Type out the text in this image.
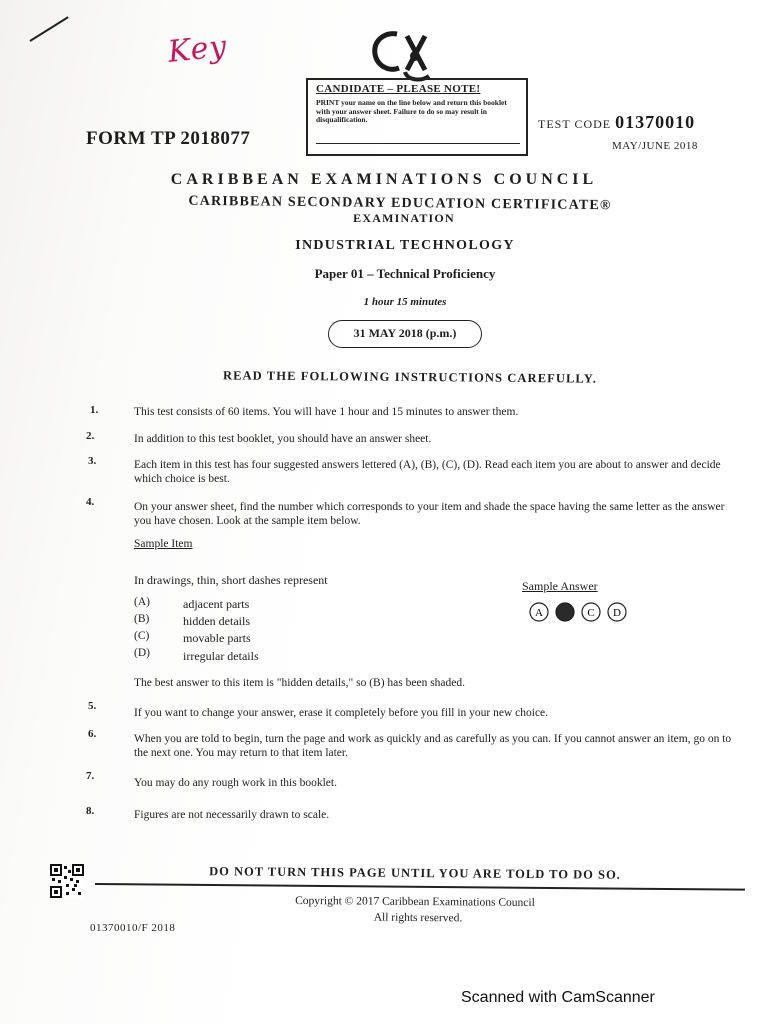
Key
CANDIDATE – PLEASE NOTE!
PRINT your name on the line below and return this booklet with your answer sheet. Failure to do so may result in disqualification.
FORM TP 2018077
TEST CODE 01370010
MAY/JUNE 2018
CARIBBEAN EXAMINATIONS COUNCIL
CARIBBEAN SECONDARY EDUCATION CERTIFICATE®
EXAMINATION
INDUSTRIAL TECHNOLOGY
Paper 01 – Technical Proficiency
1 hour 15 minutes
31 MAY 2018 (p.m.)
READ THE FOLLOWING INSTRUCTIONS CAREFULLY.
1.	This test consists of 60 items. You will have 1 hour and 15 minutes to answer them.
2.	In addition to this test booklet, you should have an answer sheet.
3.	Each item in this test has four suggested answers lettered (A), (B), (C), (D). Read each item you are about to answer and decide which choice is best.
4.	On your answer sheet, find the number which corresponds to your item and shade the space having the same letter as the answer you have chosen. Look at the sample item below.
Sample Item
In drawings, thin, short dashes represent
(A)	adjacent parts
(B)	hidden details
(C)	movable parts
(D)	irregular details
Sample Answer
A	C D
The best answer to this item is "hidden details," so (B) has been shaded.
5.
If you want to change your answer, erase it completely before you fill in your new choice.
6.	When you are told to begin, turn the page and work as quickly and as carefully as you can. If you cannot answer an item, go on to the next one. You may return to that item later.
7.
You may do any rough work in this booklet.
8.	Figures are not necessarily drawn to scale.
DO NOT TURN THIS PAGE UNTIL YOU ARE TOLD TO DO SO.
Copyright © 2017 Caribbean Examinations Council
All rights reserved.
01370010/F 2018
Scanned with CamScanner
